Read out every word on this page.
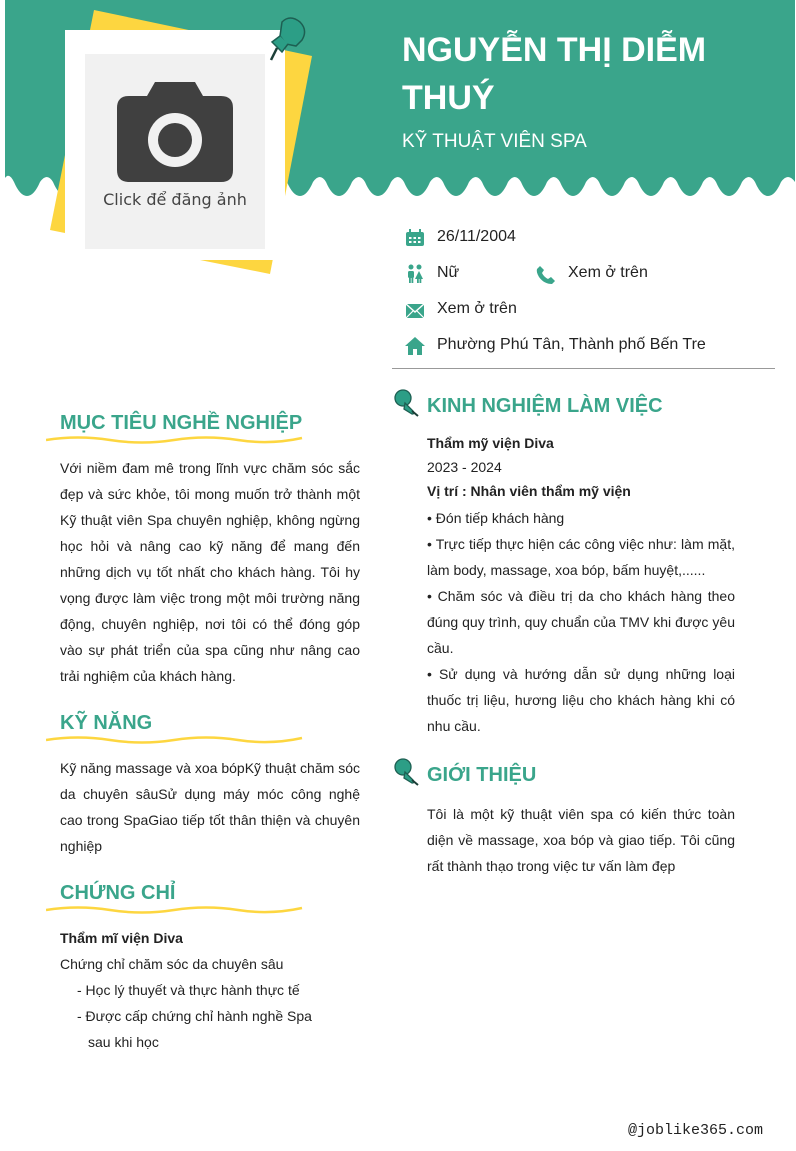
Click để đăng ảnh
NGUYỄN THỊ DIỄM
THUÝ
KỸ THUẬT VIÊN SPA
26/11/2004
Nữ	Xem ở trên
Xem ở trên
Phường Phú Tân, Thành phố Bến Tre
MỤC TIÊU NGHỀ NGHIỆP
Với niềm đam mê trong lĩnh vực chăm sóc sắc đẹp và sức khỏe, tôi mong muốn trở thành một Kỹ thuật viên Spa chuyên nghiệp, không ngừng học hỏi và nâng cao kỹ năng để mang đến những dịch vụ tốt nhất cho khách hàng. Tôi hy vọng được làm việc trong một môi trường năng động, chuyên nghiệp, nơi tôi có thể đóng góp vào sự phát triển của spa cũng như nâng cao trải nghiệm của khách hàng.
KỸ NĂNG
Kỹ năng massage và xoa bópKỹ thuật chăm sóc da chuyên sâuSử dụng máy móc công nghệ cao trong SpaGiao tiếp tốt thân thiện và chuyên nghiệp
CHỨNG CHỈ
Thẩm mĩ viện Diva
Chứng chỉ chăm sóc da chuyên sâu
- Học lý thuyết và thực hành thực tế
- Được cấp chứng chỉ hành nghề Spa
sau khi học
KINH NGHIỆM LÀM VIỆC
Thẩm mỹ viện Diva
2023 - 2024
Vị trí : Nhân viên thẩm mỹ viện
• Đón tiếp khách hàng
• Trực tiếp thực hiện các công việc như: làm mặt, làm body, massage, xoa bóp, bấm huyệt,......
• Chăm sóc và điều trị da cho khách hàng theo đúng quy trình, quy chuẩn của TMV khi được yêu cầu.
• Sử dụng và hướng dẫn sử dụng những loại thuốc trị liệu, hương liệu cho khách hàng khi có nhu cầu.
GIỚI THIỆU
Tôi là một kỹ thuật viên spa có kiến thức toàn diện về massage, xoa bóp và giao tiếp. Tôi cũng rất thành thạo trong việc tư vấn làm đẹp
@joblike365.com
